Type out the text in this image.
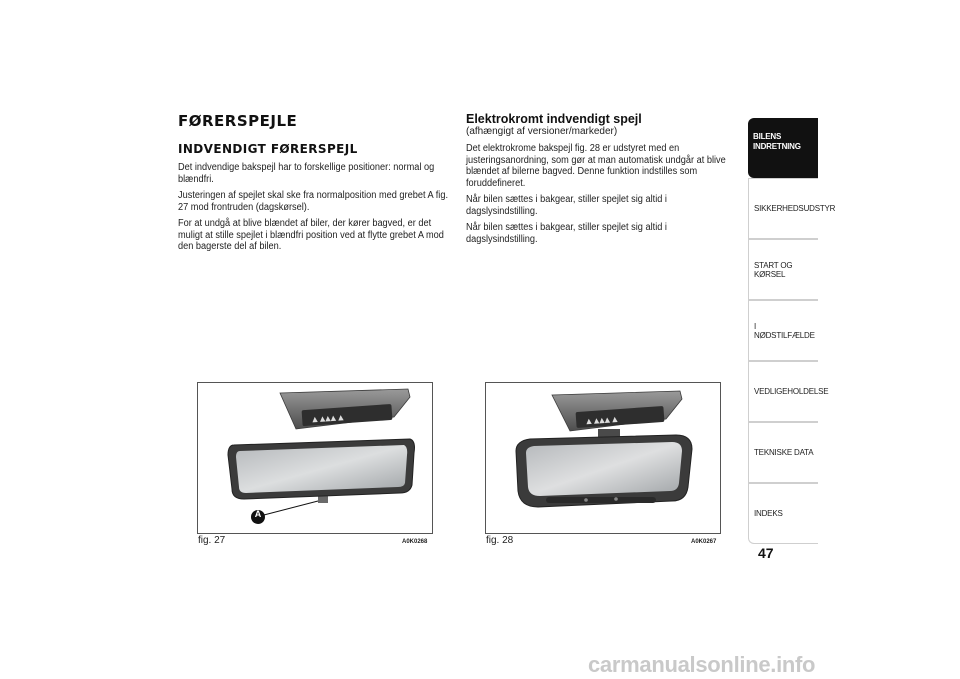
FØRERSPEJLE
INDVENDIGT FØRERSPEJL

Det indvendige bakspejl har to forskellige positioner: normal og blændfri.

Justeringen af spejlet skal ske fra normalposition med grebet A fig. 27 mod frontruden (dagskørsel).

For at undgå at blive blændet af biler, der kører bagved, er det muligt at stille spejlet i blændfri position ved at flytte grebet A mod den bagerste del af bilen.

Elektrokromt indvendigt spejl
(afhængigt af versioner/markeder)

Det elektrokrome bakspejl fig. 28 er udstyret med en justeringsanordning, som gør at man automatisk undgår at blive blændet af bilerne bagved. Denne funktion indstilles som foruddefineret.

Når bilen sættes i bakgear, stiller spejlet sig altid i dagslysindstilling.

Når bilen sættes i bakgear, stiller spejlet sig altid i dagslysindstilling.

▲ ▲▲▲ ▲
A
fig. 27	A0K0268
▲ ▲▲▲ ▲
fig. 28	A0K0267
BILENS INDRETNING
SIKKERHEDSUDSTYR
START OG KØRSEL
I NØDSTILFÆLDE
VEDLIGEHOLDELSE
TEKNISKE DATA
INDEKS
47
carmanualsonline.info
